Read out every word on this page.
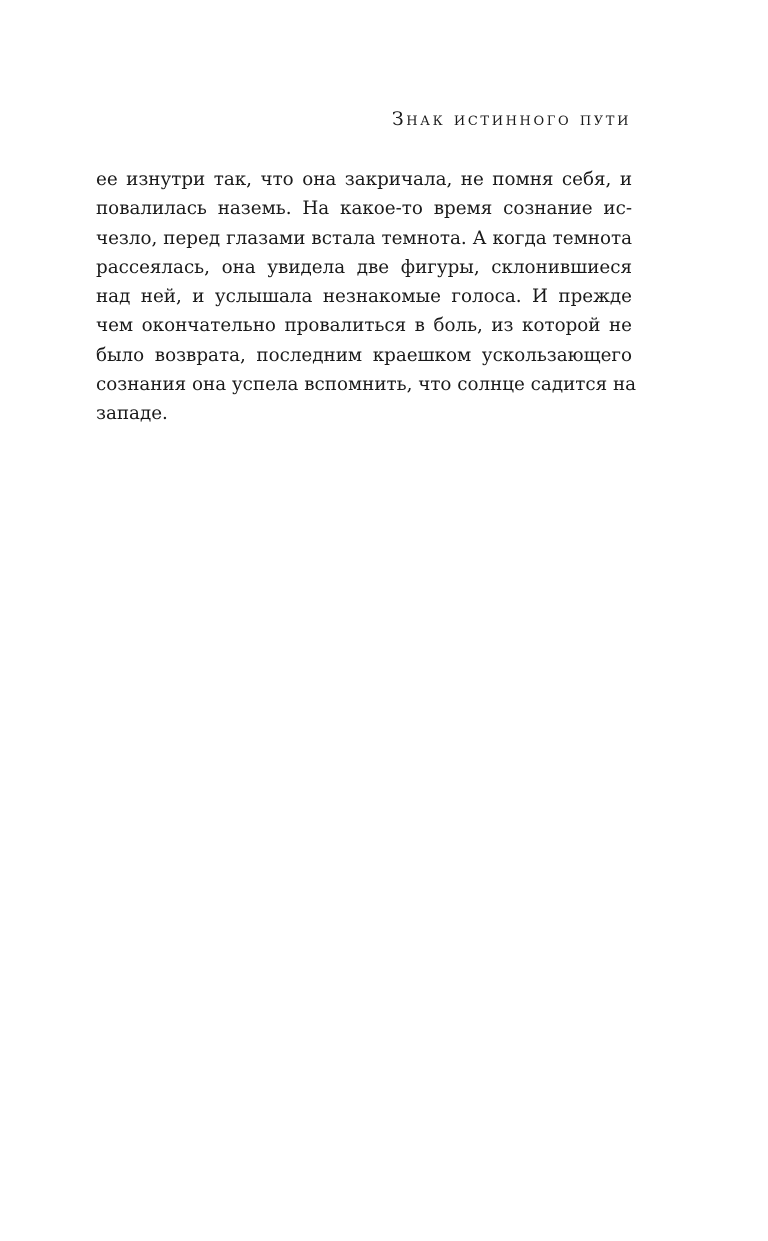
Знак истинного пути
ее изнутри так, что она закричала, не помня себя, и
повалилась наземь. На какое-то время сознание ис-
чезло, перед глазами встала темнота. А когда темнота
рассеялась, она увидела две фигуры, склонившиеся
над ней, и услышала незнакомые голоса. И прежде
чем окончательно провалиться в боль, из которой не
было возврата, последним краешком ускользающего
сознания она успела вспомнить, что солнце садится на
западе.
